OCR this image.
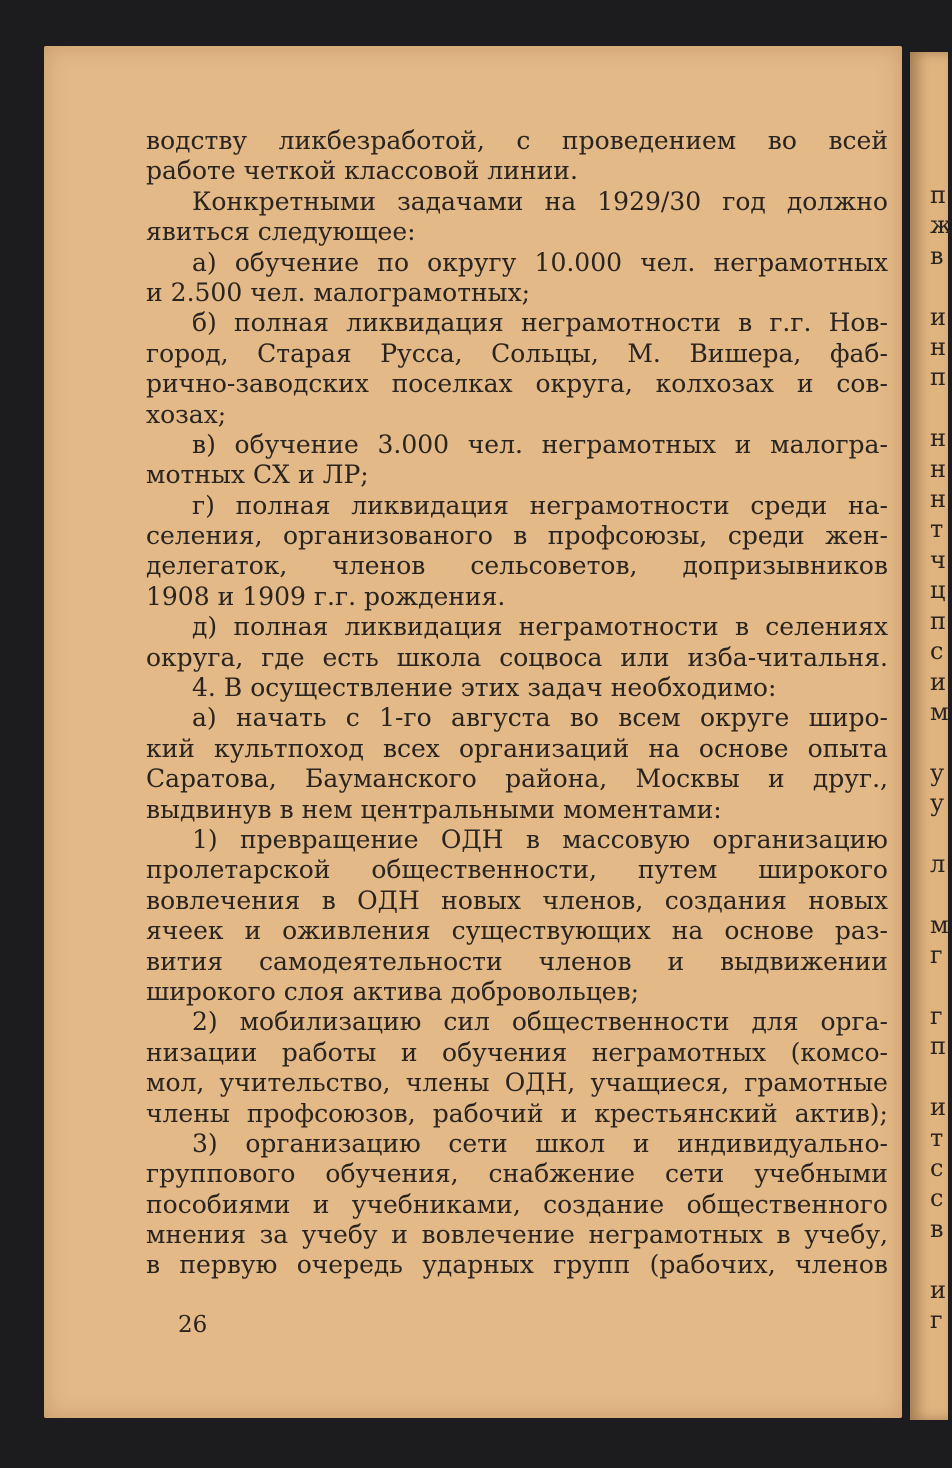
п
ж
в

и
н
п

н
н
н
т
ч
ц
п
с
и
м

у
у

л

м
г

г
п

и
т
с
с
в

и
г
водству ликбезработой, с проведением во всей
работе четкой классовой линии.
Конкретными задачами на 1929/30 год должно
явиться следующее:
а) обучение по округу 10.000 чел. неграмотных
и 2.500 чел. малограмотных;
б) полная ликвидация неграмотности в г.г. Нов-
город, Старая Русса, Сольцы, М. Вишера, фаб-
рично-заводских поселках округа, колхозах и сов-
хозах;
в) обучение 3.000 чел. неграмотных и малогра-
мотных СХ и ЛР;
г) полная ликвидация неграмотности среди на-
селения, организованого в профсоюзы, среди жен-
делегаток, членов сельсоветов, допризывников
1908 и 1909 г.г. рождения.
д) полная ликвидация неграмотности в селениях
округа, где есть школа соцвоса или изба-читальня.
4. В осуществление этих задач необходимо:
а) начать с 1-го августа во всем округе широ-
кий культпоход всех организаций на основе опыта
Саратова, Бауманского района, Москвы и друг.,
выдвинув в нем центральными моментами:
1) превращение ОДН в массовую организацию
пролетарской общественности, путем широкого
вовлечения в ОДН новых членов, создания новых
ячеек и оживления существующих на основе раз-
вития самодеятельности членов и выдвижении
широкого слоя актива добровольцев;
2) мобилизацию сил общественности для орга-
низации работы и обучения неграмотных (комсо-
мол, учительство, члены ОДН, учащиеся, грамотные
члены профсоюзов, рабочий и крестьянский актив);
3) организацию сети школ и индивидуально-
группового обучения, снабжение сети учебными
пособиями и учебниками, создание общественного
мнения за учебу и вовлечение неграмотных в учебу,
в первую очередь ударных групп (рабочих, членов
26
